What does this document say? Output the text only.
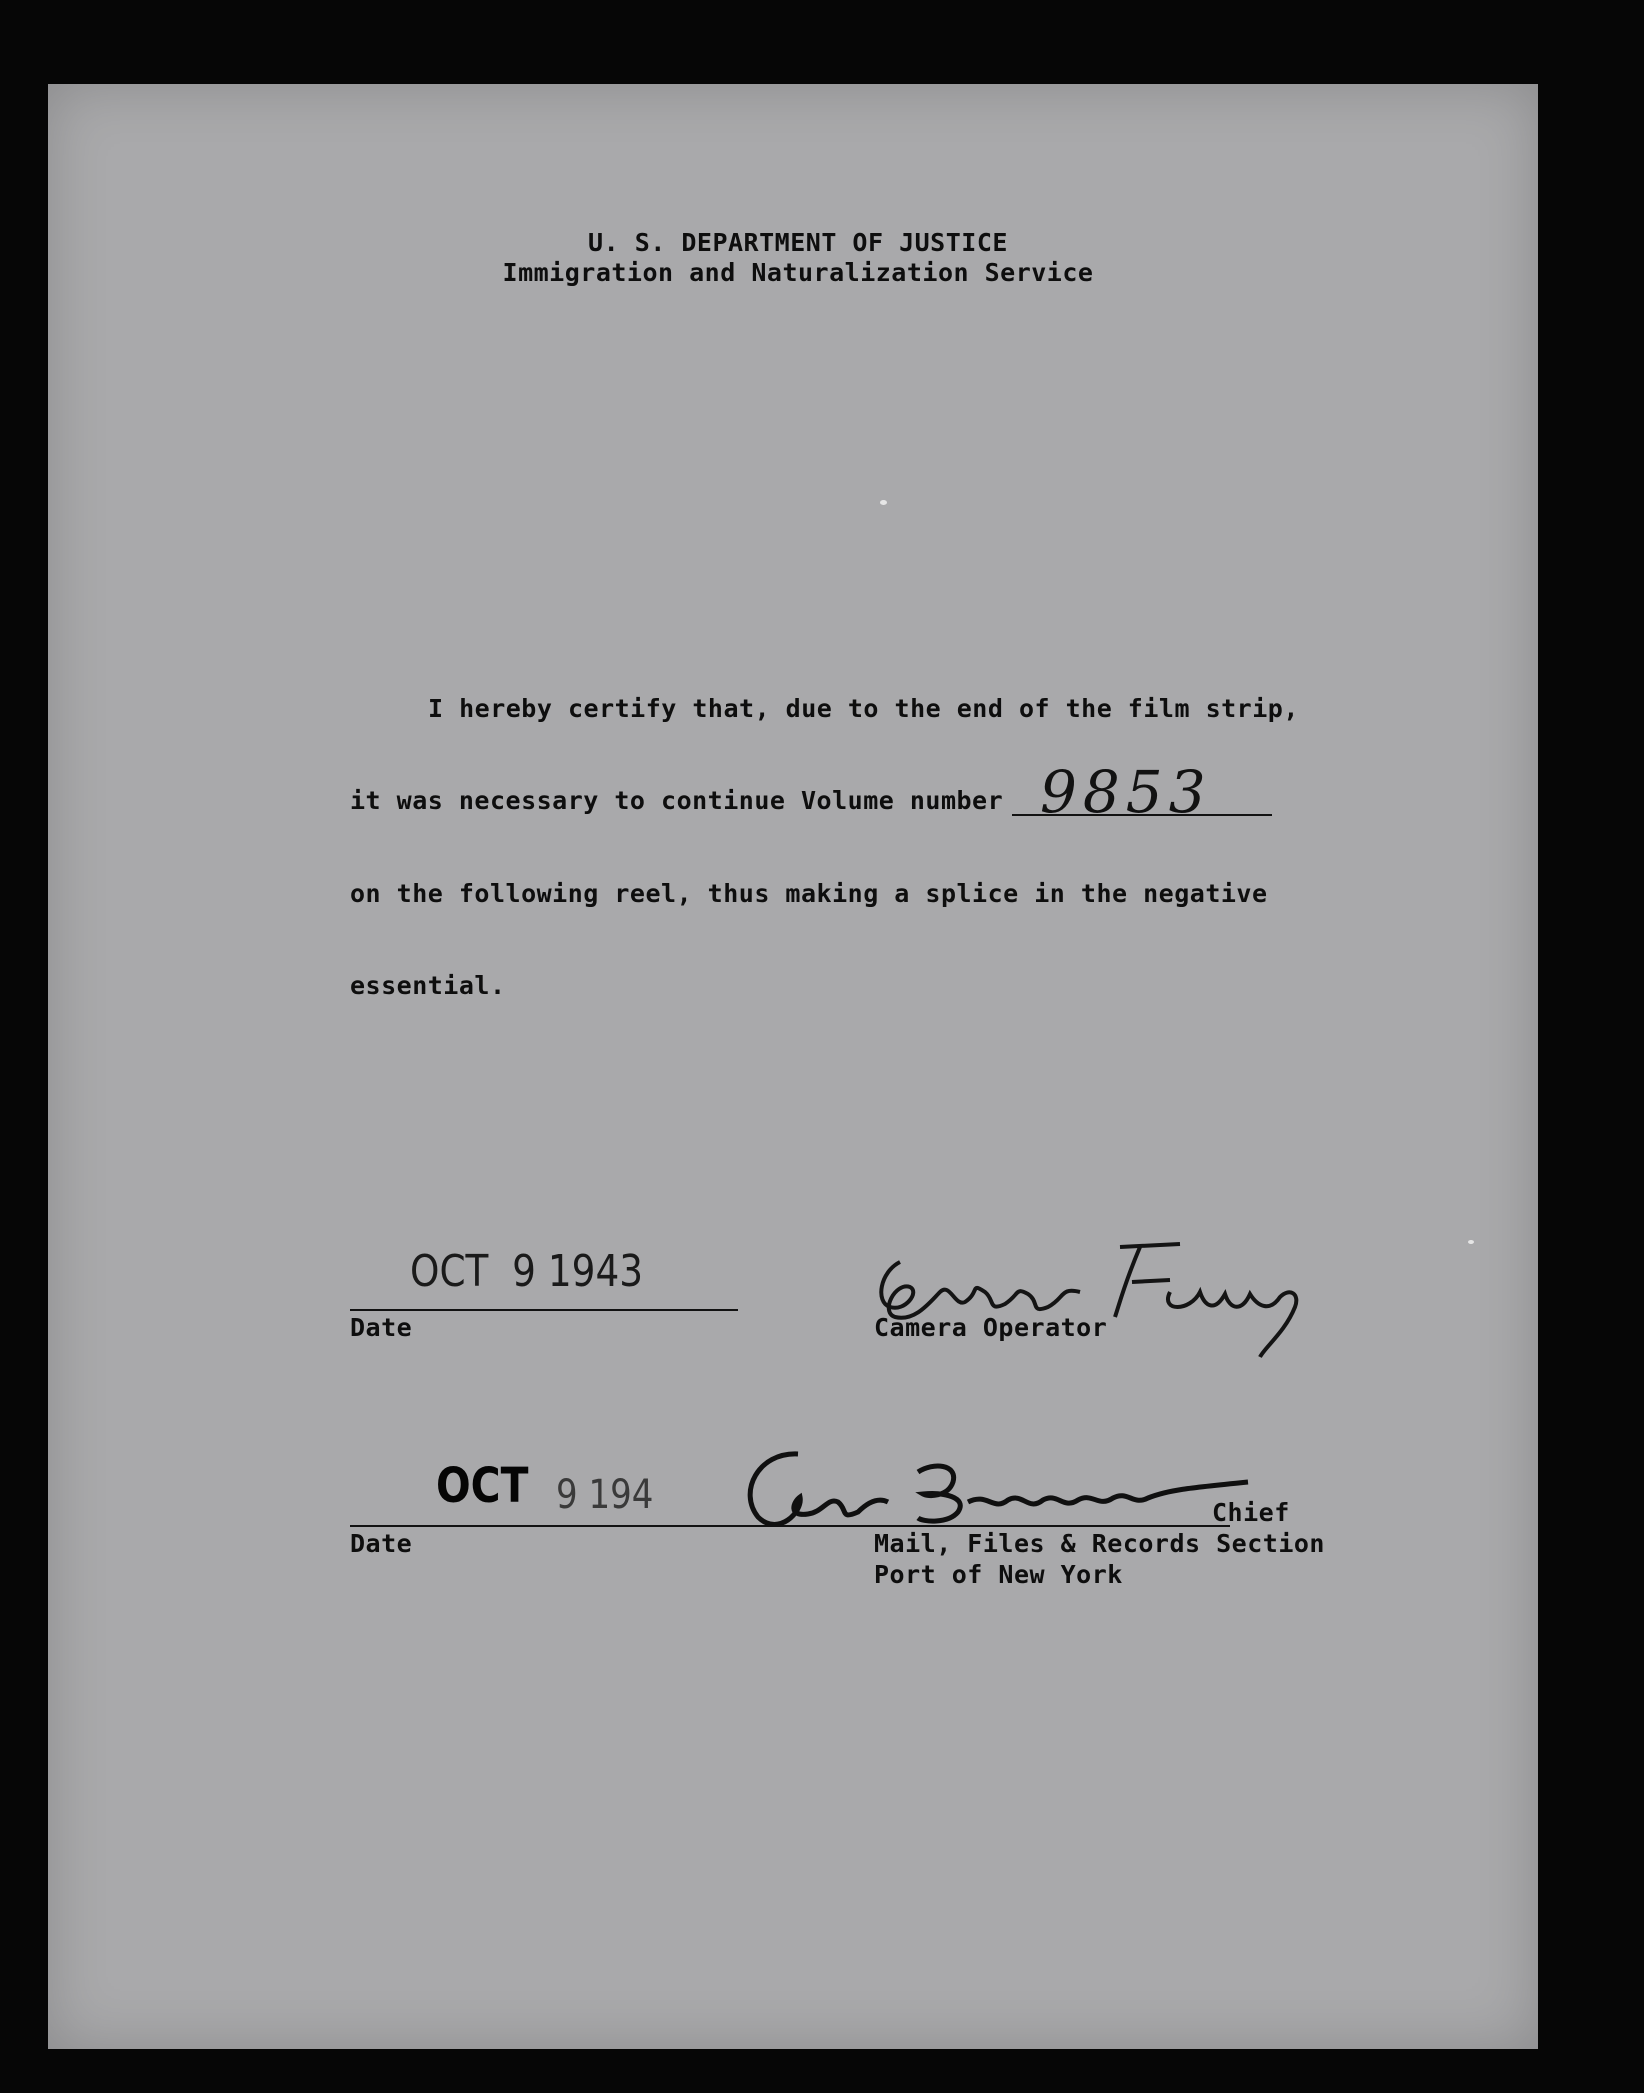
U. S. DEPARTMENT OF JUSTICE
Immigration and Naturalization Service
I hereby certify that, due to the end of the film strip,
it was necessary to continue Volume number 9853
on the following reel, thus making a splice in the negative
essential.
OCT  9 1943
Date	Camera Operator
OCT 9 194
Date
Chief
Mail, Files & Records Section
Port of New York
